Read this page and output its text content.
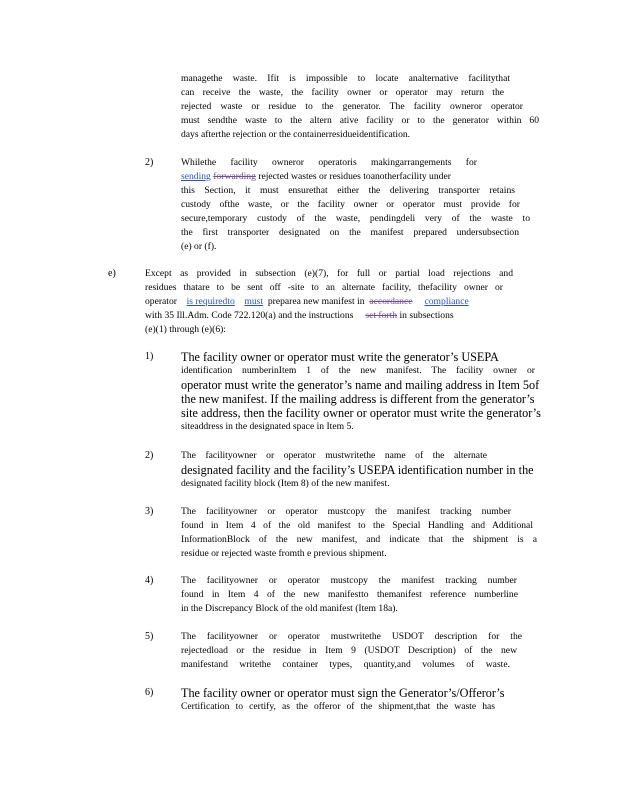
managethe waste. Ifit is impossible to locate analternative facilitythat
can receive the waste, the facility owner or operator may return the
rejected waste or residue to the generator. The facility owneror operator
must sendthe waste to the altern ative facility or to the generator within 60
days afterthe rejection or the containerresidueidentification.
2)	Whilethe facility owneror operatoris makingarrangements for
sending forwarding rejected wastes or residues toanotherfacility under
this Section, it must ensurethat either the delivering transporter retains
custody ofthe waste, or the facility owner or operator must provide for
secure,temporary custody of the waste, pendingdeli very of the waste to
the first transporter designated on the manifest prepared undersubsection
(e) or (f).
e)	Except as provided in subsection (e)(7), for full or partial load rejections and
residues thatare to be sent off -site to an alternate facility, thefacility owner or
operator is requiredto must preparea new manifest in accordance compliance
with 35 Ill.Adm. Code 722.120(a) and the instructions set forth in subsections
(e)(1) through (e)(6):
1) The facility owner or operator must write the generator’s USEPA
identification numberinItem 1 of the new manifest. The facility owner or
operator must write the generator’s name and mailing address in Item 5of
the new manifest. If the mailing address is different from the generator’s
site address, then the facility owner or operator must write the generator’s
siteaddress in the designated space in Item 5.
2)	The facilityowner or operator mustwritethe name of the alternate
designated facility and the facility’s USEPA identification number in the
designated facility block (Item 8) of the new manifest.
3)	The facilityowner or operator mustcopy the manifest tracking number
found in Item 4 of the old manifest to the Special Handling and Additional
InformationBlock of the new manifest, and indicate that the shipment is a
residue or rejected waste fromth e previous shipment.
4)	The facilityowner or operator mustcopy the manifest tracking number
found in Item 4 of the new manifestto themanifest reference numberline
in the Discrepancy Block of the old manifest (Item 18a).
5)	The facilityowner or operator mustwritethe USDOT description for the
rejectedload or the residue in Item 9 (USDOT Description) of the new
manifestand writethe container types, quantity,and volumes of waste.
6) The facility owner or operator must sign the Generator’s/Offeror’s
Certification to certify, as the offeror of the shipment,that the waste has
